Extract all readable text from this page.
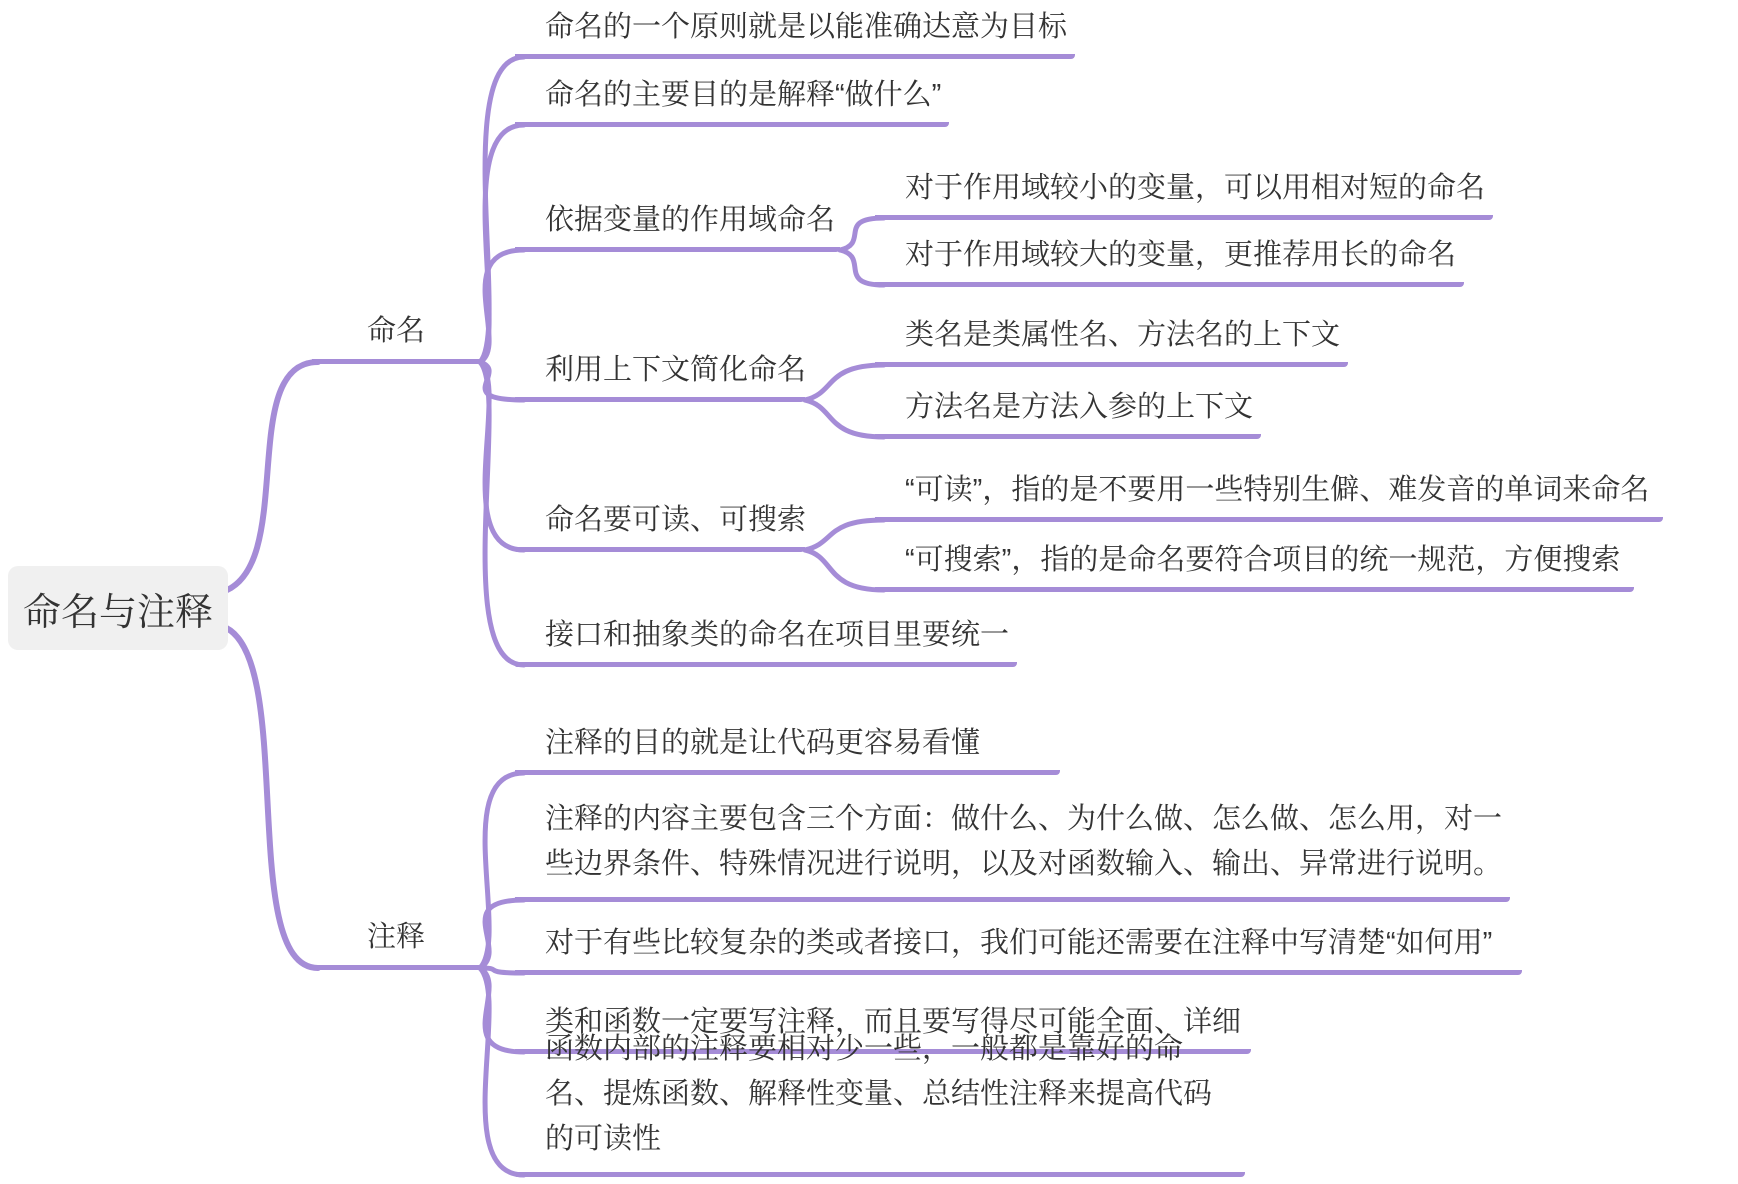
命名与注释
命名
注释
命名的一个原则就是以能准确达意为目标
命名的主要目的是解释“做什么”
依据变量的作用域命名
对于作用域较小的变量，可以用相对短的命名
对于作用域较大的变量，更推荐用长的命名
利用上下文简化命名
类名是类属性名、方法名的上下文
方法名是方法入参的上下文
命名要可读、可搜索
“可读”，指的是不要用一些特别生僻、难发音的单词来命名
“可搜索”，指的是命名要符合项目的统一规范，方便搜索
接口和抽象类的命名在项目里要统一
注释的目的就是让代码更容易看懂
注释的内容主要包含三个方面：做什么、为什么做、怎么做、怎么用，对一些边界条件、特殊情况进行说明，以及对函数输入、输出、异常进行说明。
对于有些比较复杂的类或者接口，我们可能还需要在注释中写清楚“如何用”
类和函数一定要写注释，而且要写得尽可能全面、详细
函数内部的注释要相对少一些，一般都是靠好的命名、提炼函数、解释性变量、总结性注释来提高代码的可读性
